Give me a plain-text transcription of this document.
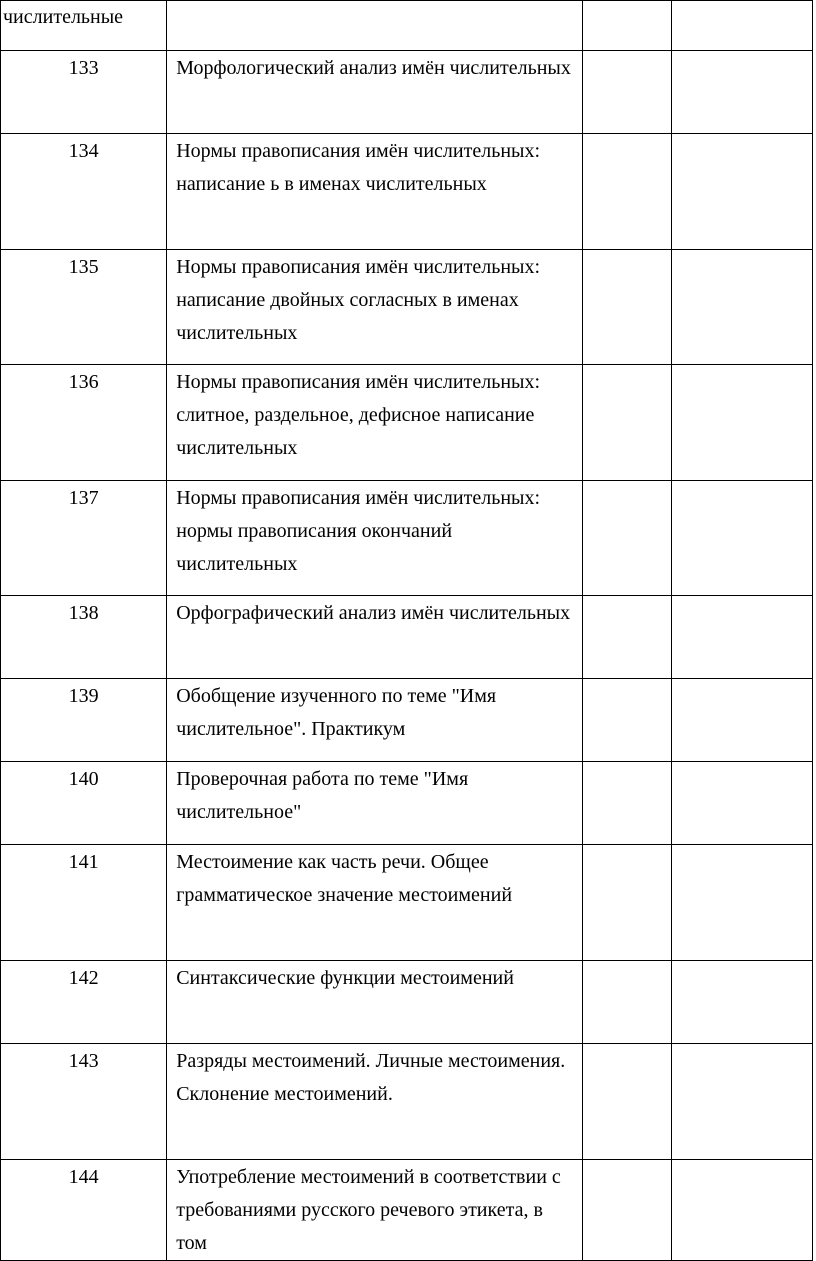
числительные			

133	Морфологический анализ имён числительных		

134	Нормы правописания имён числительных: написание ь в именах числительных		

135	Нормы правописания имён числительных: написание двойных согласных в именах числительных		

136	Нормы правописания имён числительных: слитное, раздельное, дефисное написание числительных		

137	Нормы правописания имён числительных: нормы правописания окончаний числительных		

138	Орфографический анализ имён числительных		

139	Обобщение изученного по теме "Имя числительное". Практикум		

140	Проверочная работа по теме "Имя числительное"		

141	Местоимение как часть речи. Общее грамматическое значение местоимений		

142	Синтаксические функции местоимений		

143	Разряды местоимений. Личные местоимения. Склонение местоимений.		

144	Употребление местоимений в соответствии с требованиями русского речевого этикета, в том		
